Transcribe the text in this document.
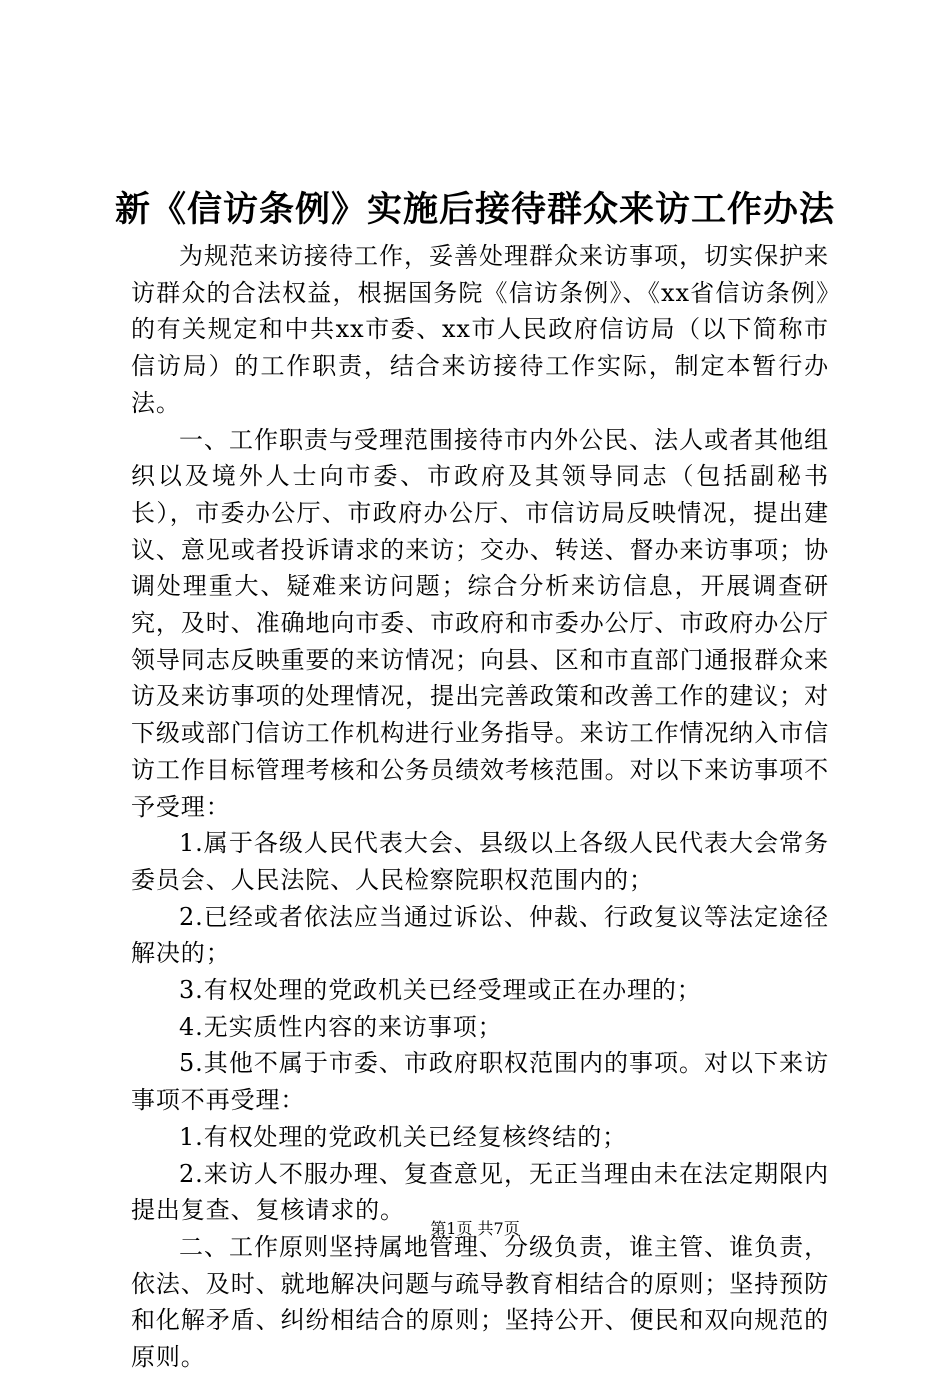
新《信访条例》实施后接待群众来访工作办法

为规范来访接待工作，妥善处理群众来访事项，切实保护来访群众的合法权益，根据国务院《信访条例》、《xx省信访条例》的有关规定和中共xx市委、xx市人民政府信访局（以下简称市信访局）的工作职责，结合来访接待工作实际，制定本暂行办法。

一、工作职责与受理范围接待市内外公民、法人或者其他组织以及境外人士向市委、市政府及其领导同志（包括副秘书长），市委办公厅、市政府办公厅、市信访局反映情况，提出建议、意见或者投诉请求的来访；交办、转送、督办来访事项；协调处理重大、疑难来访问题；综合分析来访信息，开展调查研究，及时、准确地向市委、市政府和市委办公厅、市政府办公厅领导同志反映重要的来访情况；向县、区和市直部门通报群众来访及来访事项的处理情况，提出完善政策和改善工作的建议；对下级或部门信访工作机构进行业务指导。来访工作情况纳入市信访工作目标管理考核和公务员绩效考核范围。对以下来访事项不予受理：

1.属于各级人民代表大会、县级以上各级人民代表大会常务委员会、人民法院、人民检察院职权范围内的；

2.已经或者依法应当通过诉讼、仲裁、行政复议等法定途径解决的；

3.有权处理的党政机关已经受理或正在办理的；

4.无实质性内容的来访事项；

5.其他不属于市委、市政府职权范围内的事项。对以下来访事项不再受理：

1.有权处理的党政机关已经复核终结的；

2.来访人不服办理、复查意见，无正当理由未在法定期限内提出复查、复核请求的。

二、工作原则坚持属地管理、分级负责，谁主管、谁负责，依法、及时、就地解决问题与疏导教育相结合的原则；坚持预防和化解矛盾、纠纷相结合的原则；坚持公开、便民和双向规范的原则。

第1页 共7页
